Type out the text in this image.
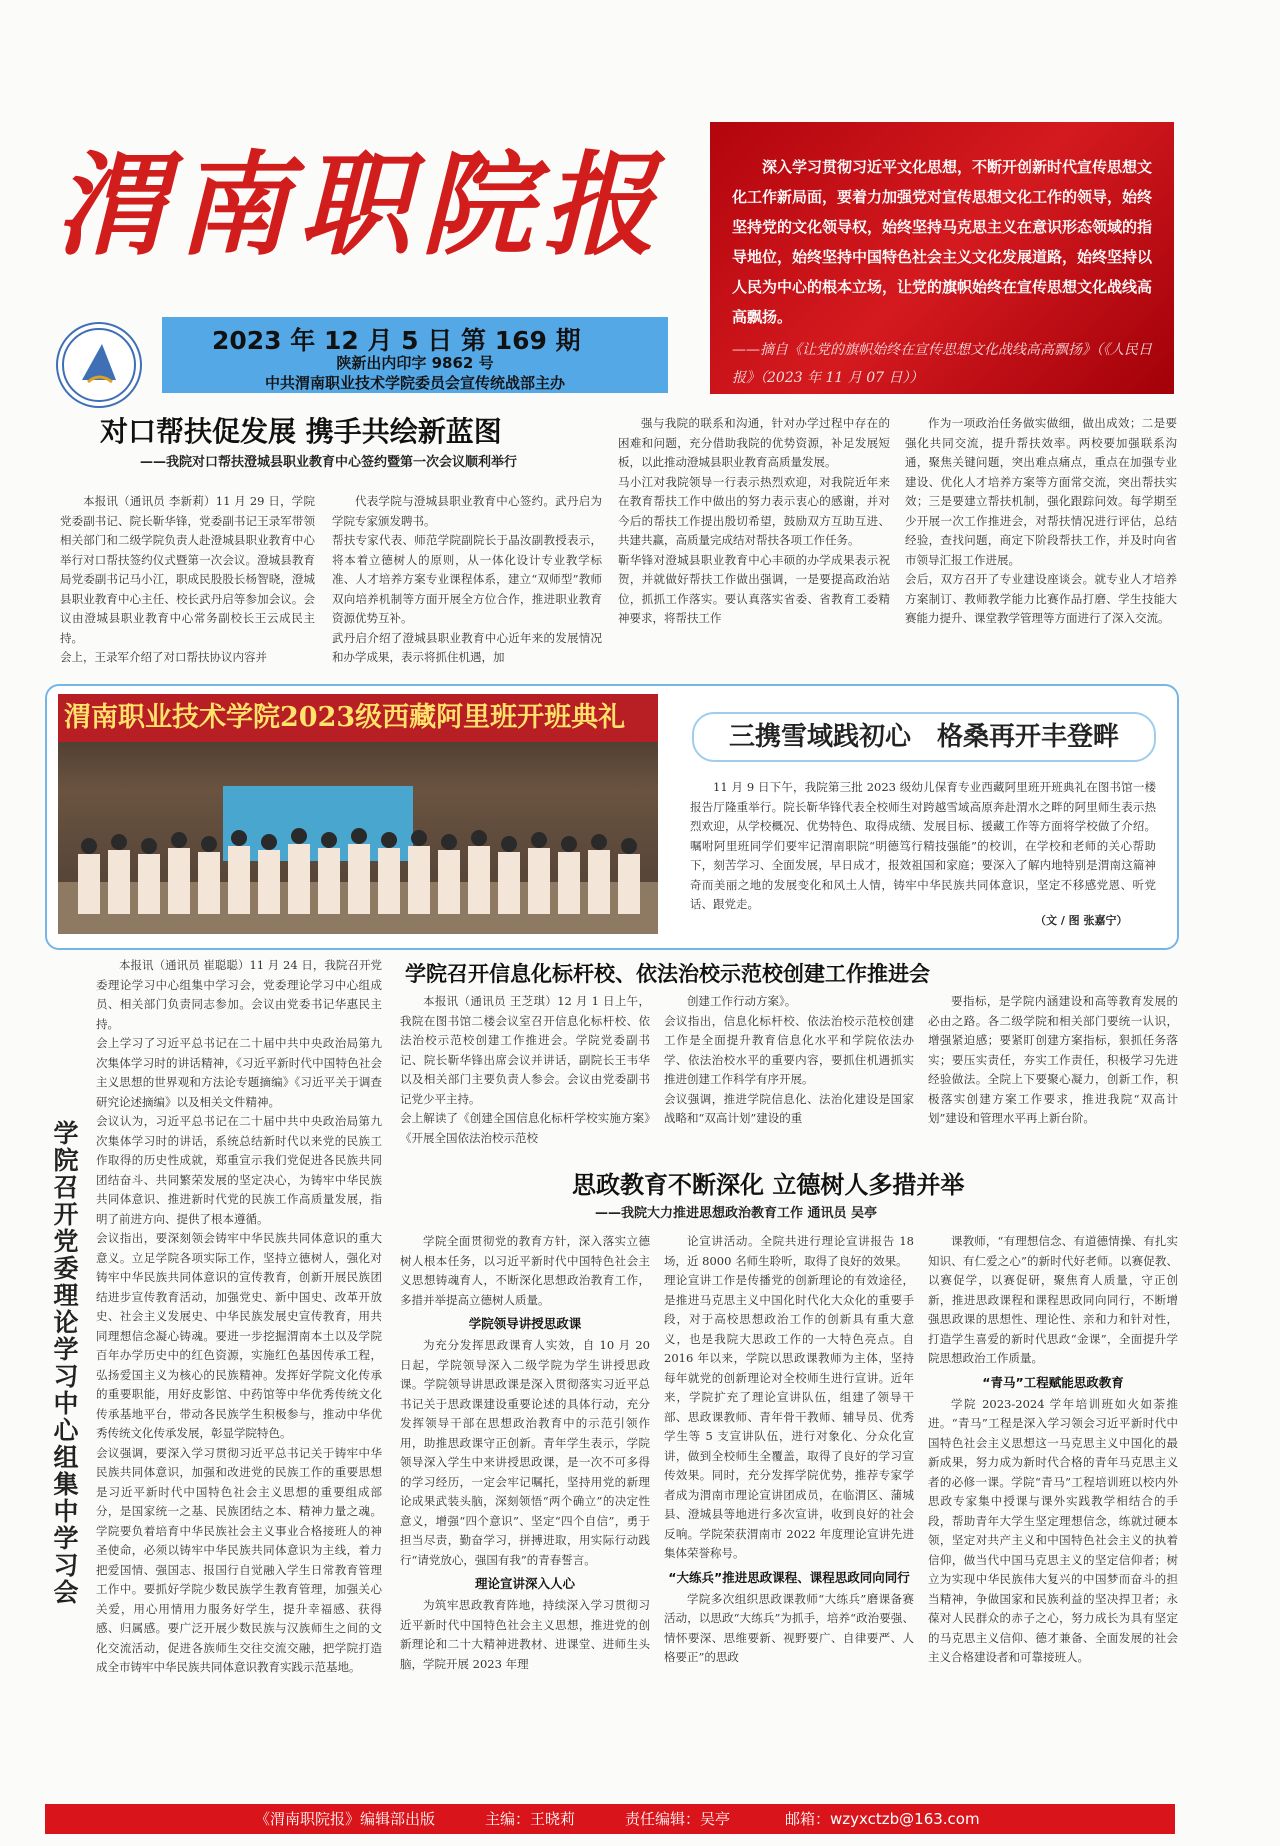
渭南职院报
2023 年 12 月 5 日 第 169 期
陕新出内印字 9862 号
中共渭南职业技术学院委员会宣传统战部主办
深入学习贯彻习近平文化思想，不断开创新时代宣传思想文化工作新局面，要着力加强党对宣传思想文化工作的领导，始终坚持党的文化领导权，始终坚持马克思主义在意识形态领域的指导地位，始终坚持中国特色社会主义文化发展道路，始终坚持以人民为中心的根本立场，让党的旗帜始终在宣传思想文化战线高高飘扬。
——摘自《让党的旗帜始终在宣传思想文化战线高高飘扬》（《人民日报》（2023 年 11 月 07 日））
对口帮扶促发展 携手共绘新蓝图
——我院对口帮扶澄城县职业教育中心签约暨第一次会议顺利举行
本报讯（通讯员 李新莉）11 月 29 日，学院党委副书记、院长靳华锋，党委副书记王录军带领相关部门和二级学院负责人赴澄城县职业教育中心举行对口帮扶签约仪式暨第一次会议。澄城县教育局党委副书记马小江，职成民股股长杨智晓，澄城县职业教育中心主任、校长武丹启等参加会议。会议由澄城县职业教育中心常务副校长王云成民主持。
会上，王录军介绍了对口帮扶协议内容并
代表学院与澄城县职业教育中心签约。武丹启为学院专家颁发聘书。
帮扶专家代表、师范学院副院长于晶汝副教授表示，将本着立德树人的原则，从一体化设计专业教学标准、人才培养方案专业课程体系，建立“双师型”教师双向培养机制等方面开展全方位合作，推进职业教育资源优势互补。
武丹启介绍了澄城县职业教育中心近年来的发展情况和办学成果，表示将抓住机遇，加
强与我院的联系和沟通，针对办学过程中存在的困难和问题，充分借助我院的优势资源，补足发展短板，以此推动澄城县职业教育高质量发展。
马小江对我院领导一行表示热烈欢迎，对我院近年来在教育帮扶工作中做出的努力表示衷心的感谢，并对今后的帮扶工作提出殷切希望，鼓励双方互助互进、共建共赢，高质量完成结对帮扶各项工作任务。
靳华锋对澄城县职业教育中心丰硕的办学成果表示祝贺，并就做好帮扶工作做出强调，一是要提高政治站位，抓抓工作落实。要认真落实省委、省教育工委精神要求，将帮扶工作
作为一项政治任务做实做细，做出成效；二是要强化共同交流，提升帮扶效率。两校要加强联系沟通，聚焦关键问题，突出难点痛点，重点在加强专业建设、优化人才培养方案等方面常交流，突出帮扶实效；三是要建立帮扶机制，强化跟踪问效。每学期至少开展一次工作推进会，对帮扶情况进行评估，总结经验，查找问题，商定下阶段帮扶工作，并及时向省市领导汇报工作进展。
会后，双方召开了专业建设座谈会。就专业人才培养方案制订、教师教学能力比赛作品打磨、学生技能大赛能力提升、课堂教学管理等方面进行了深入交流。
渭南职业技术学院2023级西藏阿里班开班典礼
三携雪域践初心　格桑再开丰登畔
11 月 9 日下午，我院第三批 2023 级幼儿保育专业西藏阿里班开班典礼在图书馆一楼报告厅隆重举行。院长靳华锋代表全校师生对跨越雪域高原奔赴渭水之畔的阿里师生表示热烈欢迎，从学校概况、优势特色、取得成绩、发展目标、援藏工作等方面将学校做了介绍。嘱咐阿里班同学们要牢记渭南职院“明德笃行精技强能”的校训，在学校和老师的关心帮助下，刻苦学习、全面发展，早日成才，报效祖国和家庭；要深入了解内地特别是渭南这篇神奇而美丽之地的发展变化和风土人情，铸牢中华民族共同体意识，坚定不移感党恩、听党话、跟党走。
（文 / 图 张嘉宁）
学院召开党委理论学习中心组集中学习会
本报讯（通讯员 崔聪聪）11 月 24 日，我院召开党委理论学习中心组集中学习会，党委理论学习中心组成员、相关部门负责同志参加。会议由党委书记华惠民主持。
会上学习了习近平总书记在二十届中共中央政治局第九次集体学习时的讲话精神，《习近平新时代中国特色社会主义思想的世界观和方法论专题摘编》《习近平关于调查研究论述摘编》以及相关文件精神。
会议认为，习近平总书记在二十届中共中央政治局第九次集体学习时的讲话，系统总结新时代以来党的民族工作取得的历史性成就，郑重宣示我们党促进各民族共同团结奋斗、共同繁荣发展的坚定决心，为铸牢中华民族共同体意识、推进新时代党的民族工作高质量发展，指明了前进方向、提供了根本遵循。
会议指出，要深刻领会铸牢中华民族共同体意识的重大意义。立足学院各项实际工作，坚持立德树人，强化对铸牢中华民族共同体意识的宣传教育，创新开展民族团结进步宣传教育活动，加强党史、新中国史、改革开放史、社会主义发展史、中华民族发展史宣传教育，用共同理想信念凝心铸魂。要进一步挖掘渭南本土以及学院百年办学历史中的红色资源，实施红色基因传承工程，弘扬爱国主义为核心的民族精神。发挥好学院文化传承的重要职能，用好皮影馆、中药馆等中华优秀传统文化传承基地平台，带动各民族学生积极参与，推动中华优秀传统文化传承发展，彰显学院特色。
会议强调，要深入学习贯彻习近平总书记关于铸牢中华民族共同体意识，加强和改进党的民族工作的重要思想是习近平新时代中国特色社会主义思想的重要组成部分，是国家统一之基、民族团结之本、精神力量之魂。学院要负着培育中华民族社会主义事业合格接班人的神圣使命，必须以铸牢中华民族共同体意识为主线，着力把爱国情、强国志、报国行自觉融入学生日常教育管理工作中。要抓好学院少数民族学生教育管理，加强关心关爱，用心用情用力服务好学生，提升幸福感、获得感、归属感。要广泛开展少数民族与汉族师生之间的文化交流活动，促进各族师生交往交流交融，把学院打造成全市铸牢中华民族共同体意识教育实践示范基地。
学院召开信息化标杆校、依法治校示范校创建工作推进会
本报讯（通讯员 王芝琪）12 月 1 日上午，我院在图书馆二楼会议室召开信息化标杆校、依法治校示范校创建工作推进会。学院党委副书记、院长靳华锋出席会议并讲话，副院长王韦华以及相关部门主要负责人参会。会议由党委副书记党少平主持。
会上解读了《创建全国信息化标杆学校实施方案》《开展全国依法治校示范校
创建工作行动方案》。
会议指出，信息化标杆校、依法治校示范校创建工作是全面提升教育信息化水平和学院依法办学、依法治校水平的重要内容，要抓住机遇抓实推进创建工作科学有序开展。
会议强调，推进学院信息化、法治化建设是国家战略和“双高计划”建设的重
要指标，是学院内涵建设和高等教育发展的必由之路。各二级学院和相关部门要统一认识，增强紧迫感；要紧盯创建方案指标，狠抓任务落实；要压实责任，夯实工作责任，积极学习先进经验做法。全院上下要聚心凝力，创新工作，积极落实创建方案工作要求，推进我院“双高计划”建设和管理水平再上新台阶。
思政教育不断深化 立德树人多措并举
——我院大力推进思想政治教育工作 通讯员 吴亭
学院全面贯彻党的教育方针，深入落实立德树人根本任务，以习近平新时代中国特色社会主义思想铸魂育人，不断深化思想政治教育工作，多措并举提高立德树人质量。
学院领导讲授思政课
为充分发挥思政课育人实效，自 10 月 20 日起，学院领导深入二级学院为学生讲授思政课。学院领导讲思政课是深入贯彻落实习近平总书记关于思政课建设重要论述的具体行动，充分发挥领导干部在思想政治教育中的示范引领作用，助推思政课守正创新。青年学生表示，学院领导深入学生中来讲授思政课，是一次不可多得的学习经历，一定会牢记嘱托，坚持用党的新理论成果武装头脑，深刻领悟“两个确立”的决定性意义，增强“四个意识”、坚定“四个自信”，勇于担当尽责，勤奋学习，拼搏进取，用实际行动践行“请党放心，强国有我”的青春誓言。
理论宣讲深入人心
为筑牢思政教育阵地，持续深入学习贯彻习近平新时代中国特色社会主义思想，推进党的创新理论和二十大精神进教材、进课堂、进师生头脑，学院开展 2023 年理
论宣讲活动。全院共进行理论宣讲报告 18 场，近 8000 名师生聆听，取得了良好的效果。
理论宣讲工作是传播党的创新理论的有效途径，是推进马克思主义中国化时代化大众化的重要手段，对于高校思想政治工作的创新具有重大意义，也是我院大思政工作的一大特色亮点。自 2016 年以来，学院以思政课教师为主体，坚持每年就党的创新理论对全校师生进行宣讲。近年来，学院扩充了理论宣讲队伍，组建了领导干部、思政课教师、青年骨干教师、辅导员、优秀学生等 5 支宣讲队伍，进行对象化、分众化宣讲，做到全校师生全覆盖，取得了良好的学习宣传效果。同时，充分发挥学院优势，推荐专家学者成为渭南市理论宣讲团成员，在临渭区、蒲城县、澄城县等地进行多次宣讲，收到良好的社会反响。学院荣获渭南市 2022 年度理论宣讲先进集体荣誉称号。
“大练兵”推进思政课程、课程思政同向同行
学院多次组织思政课教师“大练兵”磨课备赛活动，以思政“大练兵”为抓手，培养“政治要强、情怀要深、思维要新、视野要广、自律要严、人格要正”的思政
课教师，“有理想信念、有道德情操、有扎实知识、有仁爱之心”的新时代好老师。以赛促教、以赛促学，以赛促研，聚焦育人质量，守正创新，推进思政课程和课程思政同向同行，不断增强思政课的思想性、理论性、亲和力和针对性，打造学生喜爱的新时代思政“金课”，全面提升学院思想政治工作质量。
“青马”工程赋能思政教育
学院 2023-2024 学年培训班如火如荼推进。“青马”工程是深入学习领会习近平新时代中国特色社会主义思想这一马克思主义中国化的最新成果，努力成为新时代合格的青年马克思主义者的必修一课。学院“青马”工程培训班以校内外思政专家集中授课与课外实践教学相结合的手段，帮助青年大学生坚定理想信念，练就过硬本领，坚定对共产主义和中国特色社会主义的执着信仰，做当代中国马克思主义的坚定信仰者；树立为实现中华民族伟大复兴的中国梦而奋斗的担当精神，争做国家和民族利益的坚决捍卫者；永葆对人民群众的赤子之心，努力成长为具有坚定的马克思主义信仰、德才兼备、全面发展的社会主义合格建设者和可靠接班人。
《渭南职院报》编辑部出版	主编：王晓莉	责任编辑：吴亭	邮箱：wzyxctzb@163.com
